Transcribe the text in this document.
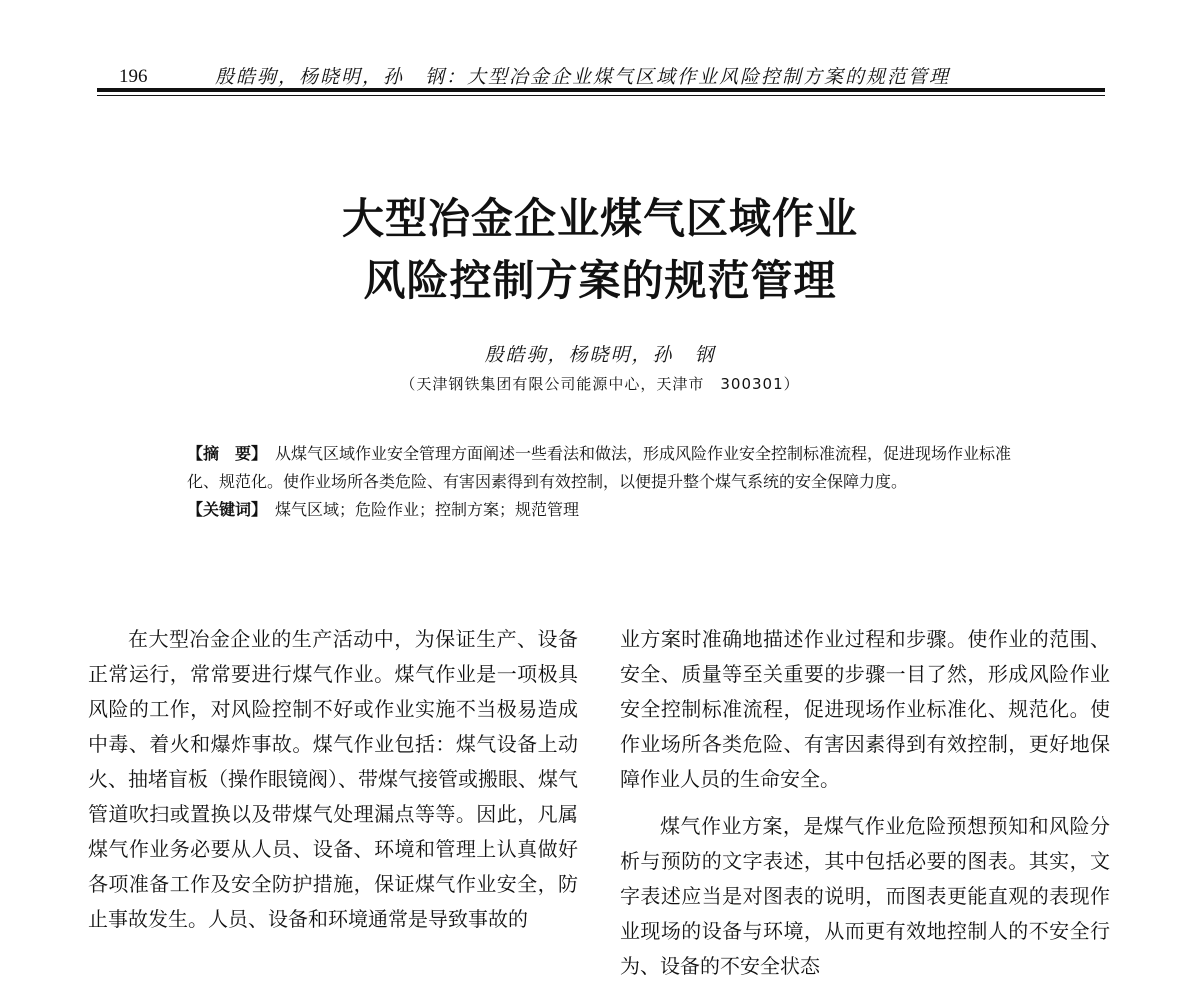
196	殷皓驹，杨晓明，孙　钢：大型冶金企业煤气区域作业风险控制方案的规范管理
大型冶金企业煤气区域作业
风险控制方案的规范管理
殷皓驹，杨晓明，孙　钢
（天津钢铁集团有限公司能源中心，天津市　300301）

【摘　要】 从煤气区域作业安全管理方面阐述一些看法和做法，形成风险作业安全控制标准流程，促进现场作业标准化、规范化。使作业场所各类危险、有害因素得到有效控制，以便提升整个煤气系统的安全保障力度。

【关键词】 煤气区域；危险作业；控制方案；规范管理

在大型冶金企业的生产活动中，为保证生产、设备正常运行，常常要进行煤气作业。煤气作业是一项极具风险的工作，对风险控制不好或作业实施不当极易造成中毒、着火和爆炸事故。煤气作业包括：煤气设备上动火、抽堵盲板（操作眼镜阀）、带煤气接管或搬眼、煤气管道吹扫或置换以及带煤气处理漏点等等。因此，凡属煤气作业务必要从人员、设备、环境和管理上认真做好各项准备工作及安全防护措施，保证煤气作业安全，防止事故发生。人员、设备和环境通常是导致事故的

业方案时准确地描述作业过程和步骤。使作业的范围、安全、质量等至关重要的步骤一目了然，形成风险作业安全控制标准流程，促进现场作业标准化、规范化。使作业场所各类危险、有害因素得到有效控制，更好地保障作业人员的生命安全。

煤气作业方案，是煤气作业危险预想预知和风险分析与预防的文字表述，其中包括必要的图表。其实，文字表述应当是对图表的说明，而图表更能直观的表现作业现场的设备与环境，从而更有效地控制人的不安全行为、设备的不安全状态
